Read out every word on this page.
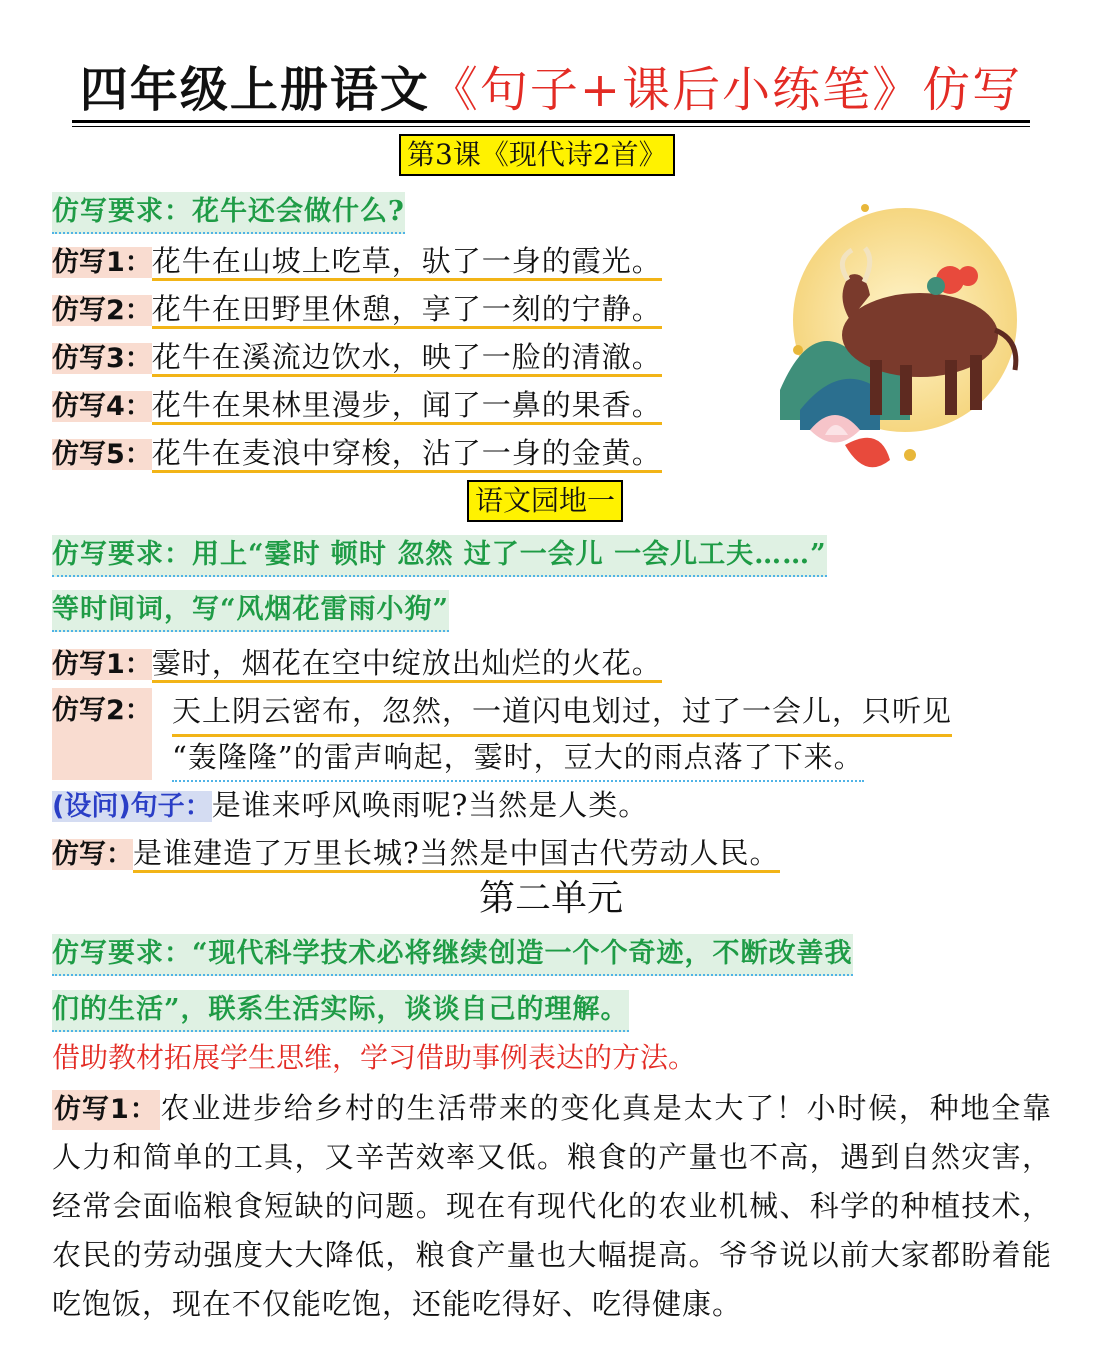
四年级上册语文《句子+课后小练笔》仿写
第3课《现代诗2首》
仿写要求：花牛还会做什么?
仿写1：花牛在山坡上吃草，驮了一身的霞光。
仿写2：花牛在田野里休憩，享了一刻的宁静。
仿写3：花牛在溪流边饮水，映了一脸的清澈。
仿写4：花牛在果林里漫步，闻了一鼻的果香。
仿写5：花牛在麦浪中穿梭，沾了一身的金黄。
语文园地一
仿写要求：用上“霎时 顿时 忽然 过了一会儿 一会儿工夫……”
等时间词，写“风烟花雷雨小狗”
仿写1：霎时，烟花在空中绽放出灿烂的火花。
仿写2： 天上阴云密布，忽然，一道闪电划过，过了一会儿，只听见
“轰隆隆”的雷声响起，霎时，豆大的雨点落了下来。
(设问)句子：是谁来呼风唤雨呢?当然是人类。
仿写：是谁建造了万里长城?当然是中国古代劳动人民。
第二单元
仿写要求：“现代科学技术必将继续创造一个个奇迹，不断改善我
们的生活”，联系生活实际，谈谈自己的理解。
借助教材拓展学生思维，学习借助事例表达的方法。
仿写1：农业进步给乡村的生活带来的变化真是太大了！小时候，种地全靠人力和简单的工具，又辛苦效率又低。粮食的产量也不高，遇到自然灾害，经常会面临粮食短缺的问题。现在有现代化的农业机械、科学的种植技术，农民的劳动强度大大降低，粮食产量也大幅提高。爷爷说以前大家都盼着能吃饱饭，现在不仅能吃饱，还能吃得好、吃得健康。
